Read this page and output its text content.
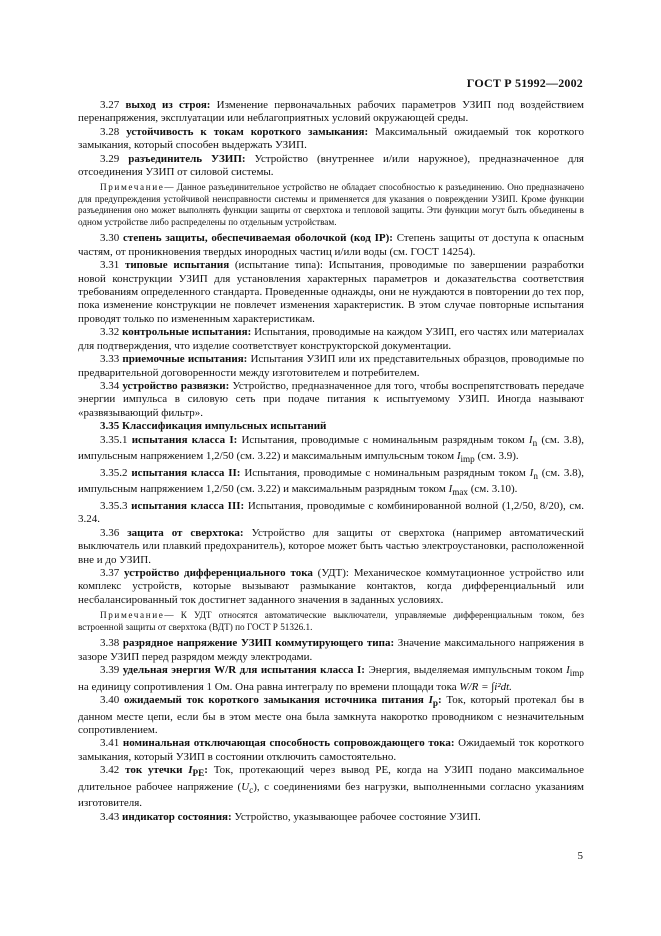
ГОСТ Р 51992—2002

3.27 выход из строя: Изменение первоначальных рабочих параметров УЗИП под воздействием перенапряжения, эксплуатации или неблагоприятных условий окружающей среды.

3.28 устойчивость к токам короткого замыкания: Максимальный ожидаемый ток короткого замыкания, который способен выдержать УЗИП.

3.29 разъединитель УЗИП: Устройство (внутреннее и/или наружное), предназначенное для отсоединения УЗИП от силовой системы.

Примечание— Данное разъединительное устройство не обладает способностью к разъединению. Оно предназначено для предупреждения устойчивой неисправности системы и применяется для указания о повреждении УЗИП. Кроме функции разъединения оно может выполнять функции защиты от сверхтока и тепловой защиты. Эти функции могут быть объединены в одном устройстве либо распределены по отдельным устройствам.

3.30 степень защиты, обеспечиваемая оболочкой (код IP): Степень защиты от доступа к опасным частям, от проникновения твердых инородных частиц и/или воды (см. ГОСТ 14254).

3.31 типовые испытания (испытание типа): Испытания, проводимые по завершении разработки новой конструкции УЗИП для установления характерных параметров и доказательства соответствия требованиям определенного стандарта. Проведенные однажды, они не нуждаются в повторении до тех пор, пока изменение конструкции не повлечет изменения характеристик. В этом случае повторные испытания проводят только по измененным характеристикам.

3.32 контрольные испытания: Испытания, проводимые на каждом УЗИП, его частях или материалах для подтверждения, что изделие соответствует конструкторской документации.

3.33 приемочные испытания: Испытания УЗИП или их представительных образцов, проводимые по предварительной договоренности между изготовителем и потребителем.

3.34 устройство развязки: Устройство, предназначенное для того, чтобы воспрепятствовать передаче энергии импульса в силовую сеть при подаче питания к испытуемому УЗИП. Иногда называют «развязывающий фильтр».

3.35 Классификация импульсных испытаний

3.35.1 испытания класса I: Испытания, проводимые с номинальным разрядным током $I_n$ (см. 3.8), импульсным напряжением 1,2/50 (см. 3.22) и максимальным импульсным током $I_{imp}$ (см. 3.9).

3.35.2 испытания класса II: Испытания, проводимые с номинальным разрядным током $I_n$ (см. 3.8), импульсным напряжением 1,2/50 (см. 3.22) и максимальным разрядным током $I_{max}$ (см. 3.10).

3.35.3 испытания класса III: Испытания, проводимые с комбинированной волной (1,2/50, 8/20), см. 3.24.

3.36 защита от сверхтока: Устройство для защиты от сверхтока (например автоматический выключатель или плавкий предохранитель), которое может быть частью электроустановки, расположенной вне и до УЗИП.

3.37 устройство дифференциального тока (УДТ): Механическое коммутационное устройство или комплекс устройств, которые вызывают размыкание контактов, когда дифференциальный или несбалансированный ток достигнет заданного значения в заданных условиях.

Примечание— К УДТ относятся автоматические выключатели, управляемые дифференциальным током, без встроенной защиты от сверхтока (ВДТ) по ГОСТ Р 51326.1.

3.38 разрядное напряжение УЗИП коммутирующего типа: Значение максимального напряжения в зазоре УЗИП перед разрядом между электродами.

3.39 удельная энергия W/R для испытания класса I: Энергия, выделяемая импульсным током $I_{imp}$ на единицу сопротивления 1 Ом. Она равна интегралу по времени площади тока W/R = ∫i²dt.

3.40 ожидаемый ток короткого замыкания источника питания $I_p$: Ток, который протекал бы в данном месте цепи, если бы в этом месте она была замкнута накоротко проводником с незначительным сопротивлением.

3.41 номинальная отключающая способность сопровождающего тока: Ожидаемый ток короткого замыкания, который УЗИП в состоянии отключить самостоятельно.

3.42 ток утечки $I_{PE}$: Ток, протекающий через вывод PE, когда на УЗИП подано максимальное длительное рабочее напряжение $(U_c)$, с соединениями без нагрузки, выполненными согласно указаниям изготовителя.

3.43 индикатор состояния: Устройство, указывающее рабочее состояние УЗИП.

5
